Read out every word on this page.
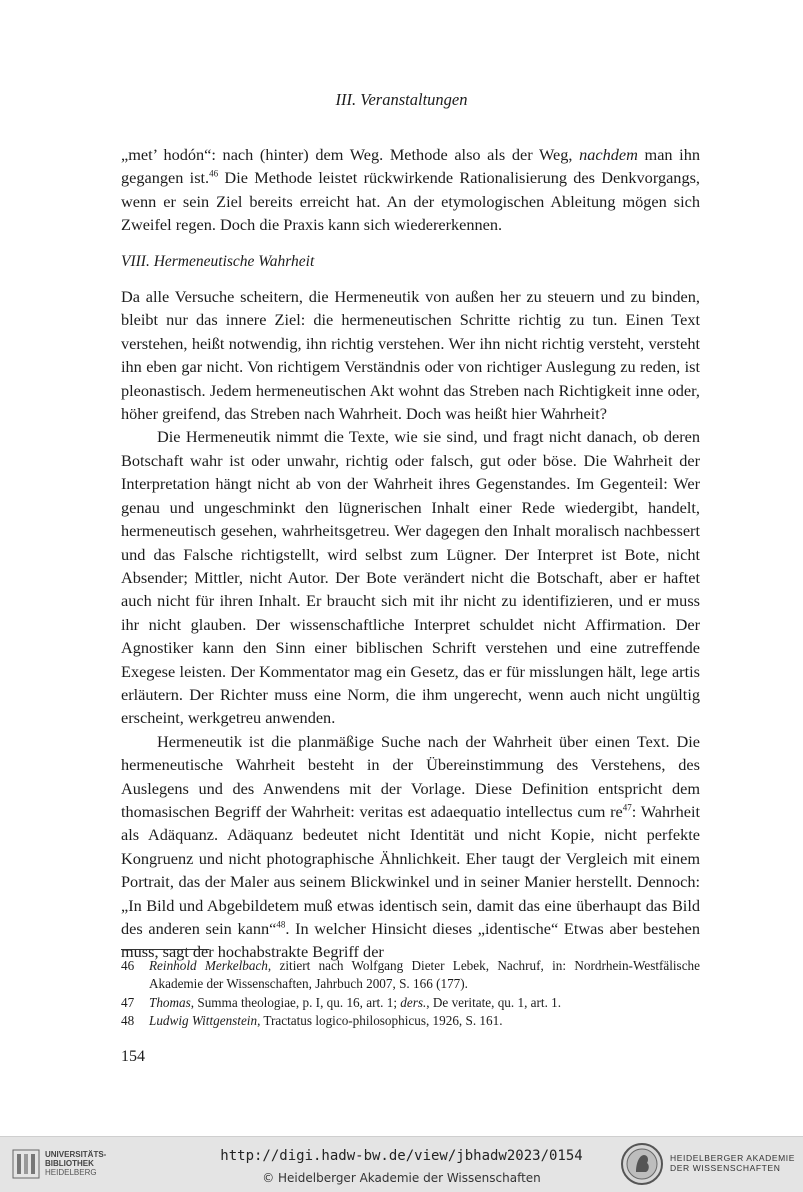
III. Veranstaltungen

„met’ hodón“: nach (hinter) dem Weg. Methode also als der Weg, nachdem man ihn gegangen ist.$^{46}$ Die Methode leistet rückwirkende Rationalisierung des Denkvorgangs, wenn er sein Ziel bereits erreicht hat. An der etymologischen Ableitung mögen sich Zweifel regen. Doch die Praxis kann sich wiedererkennen.

VIII. Hermeneutische Wahrheit

Da alle Versuche scheitern, die Hermeneutik von außen her zu steuern und zu binden, bleibt nur das innere Ziel: die hermeneutischen Schritte richtig zu tun. Einen Text verstehen, heißt notwendig, ihn richtig verstehen. Wer ihn nicht richtig versteht, versteht ihn eben gar nicht. Von richtigem Verständnis oder von richtiger Auslegung zu reden, ist pleonastisch. Jedem hermeneutischen Akt wohnt das Streben nach Richtigkeit inne oder, höher greifend, das Streben nach Wahrheit. Doch was heißt hier Wahrheit?

Die Hermeneutik nimmt die Texte, wie sie sind, und fragt nicht danach, ob deren Botschaft wahr ist oder unwahr, richtig oder falsch, gut oder böse. Die Wahrheit der Interpretation hängt nicht ab von der Wahrheit ihres Gegenstandes. Im Gegenteil: Wer genau und ungeschminkt den lügnerischen Inhalt einer Rede wiedergibt, handelt, hermeneutisch gesehen, wahrheitsgetreu. Wer dagegen den Inhalt moralisch nachbessert und das Falsche richtigstellt, wird selbst zum Lügner. Der Interpret ist Bote, nicht Absender; Mittler, nicht Autor. Der Bote verändert nicht die Botschaft, aber er haftet auch nicht für ihren Inhalt. Er braucht sich mit ihr nicht zu identifizieren, und er muss ihr nicht glauben. Der wissenschaftliche Interpret schuldet nicht Affirmation. Der Agnostiker kann den Sinn einer biblischen Schrift verstehen und eine zutreffende Exegese leisten. Der Kommentator mag ein Gesetz, das er für misslungen hält, lege artis erläutern. Der Richter muss eine Norm, die ihm ungerecht, wenn auch nicht ungültig erscheint, werkgetreu anwenden.

Hermeneutik ist die planmäßige Suche nach der Wahrheit über einen Text. Die hermeneutische Wahrheit besteht in der Übereinstimmung des Verstehens, des Auslegens und des Anwendens mit der Vorlage. Diese Definition entspricht dem thomasischen Begriff der Wahrheit: veritas est adaequatio intellectus cum $re^{47}$: Wahrheit als Adäquanz. Adäquanz bedeutet nicht Identität und nicht Kopie, nicht perfekte Kongruenz und nicht photographische Ähnlichkeit. Eher taugt der Vergleich mit einem Portrait, das der Maler aus seinem Blickwinkel und in seiner Manier herstellt. Dennoch: „In Bild und Abgebildetem muß etwas identisch sein, damit das eine überhaupt das Bild des anderen sein kann“$^{48}$. In welcher Hinsicht dieses „identische“ Etwas aber bestehen muss, sagt der hochabstrakte Begriff der

46	Reinhold Merkelbach, zitiert nach Wolfgang Dieter Lebek, Nachruf, in: Nordrhein-Westfälische Akademie der Wissenschaften, Jahrbuch 2007, S. 166 (177).
47	Thomas, Summa theologiae, p. I, qu. 16, art. 1; ders., De veritate, qu. 1, art. 1.
48	Ludwig Wittgenstein, Tractatus logico-philosophicus, 1926, S. 161.
154
UNIVERSITÄTS-
BIBLIOTHEK
HEIDELBERG
http://digi.hadw-bw.de/view/jbhadw2023/0154
© Heidelberger Akademie der Wissenschaften
HEIDELBERGER AKADEMIE
DER WISSENSCHAFTEN
